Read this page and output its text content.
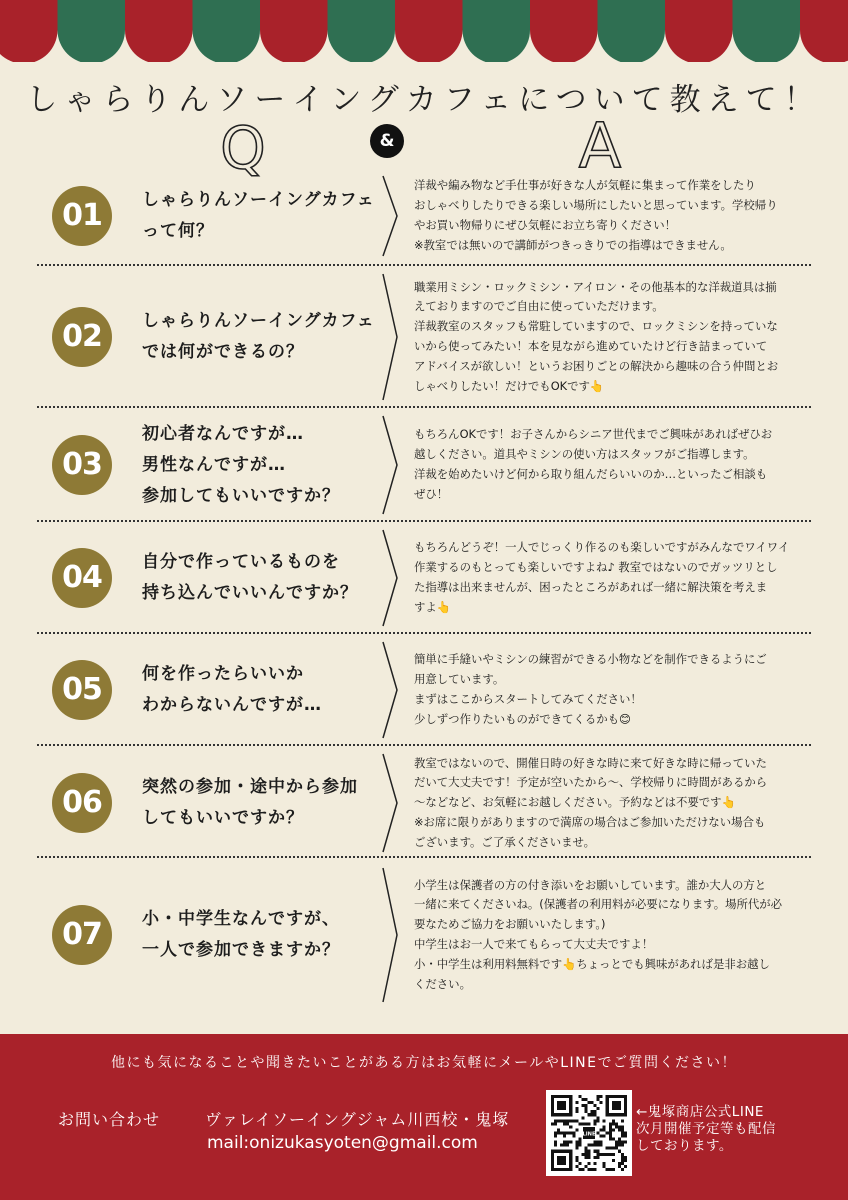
しゃらりんソーイングカフェについて教えて！
Q	&	A
01	しゃらりんソーイングカフェ
って何？
洋裁や編み物など手仕事が好きな人が気軽に集まって作業をしたり
おしゃべりしたりできる楽しい場所にしたいと思っています。学校帰り
やお買い物帰りにぜひ気軽にお立ち寄りください！
※教室では無いので講師がつきっきりでの指導はできません。
02	しゃらりんソーイングカフェ
では何ができるの？
職業用ミシン・ロックミシン・アイロン・その他基本的な洋裁道具は揃
えておりますのでご自由に使っていただけます。
洋裁教室のスタッフも常駐していますので、ロックミシンを持っていな
いから使ってみたい！本を見ながら進めていたけど行き詰まっていて
アドバイスが欲しい！というお困りごとの解決から趣味の合う仲間とお
しゃべりしたい！だけでもOKです👆
03
初心者なんですが…
男性なんですが…
参加してもいいですか？
もちろんOKです！お子さんからシニア世代までご興味があればぜひお
越しください。道具やミシンの使い方はスタッフがご指導します。
洋裁を始めたいけど何から取り組んだらいいのか…といったご相談も
ぜひ！
04	自分で作っているものを
持ち込んでいいんですか？
もちろんどうぞ！一人でじっくり作るのも楽しいですがみんなでワイワイ
作業するのもとっても楽しいですよね♪ 教室ではないのでガッツリとし
た指導は出来ませんが、困ったところがあれば一緒に解決策を考えま
すよ👆
05	何を作ったらいいか
わからないんですが…
簡単に手縫いやミシンの練習ができる小物などを制作できるようにご
用意しています。
まずはここからスタートしてみてください！
少しずつ作りたいものができてくるかも😊
06	突然の参加・途中から参加
してもいいですか？
教室ではないので、開催日時の好きな時に来て好きな時に帰っていた
だいて大丈夫です！予定が空いたから〜、学校帰りに時間があるから
〜などなど、お気軽にお越しください。予約などは不要です👆
※お席に限りがありますので満席の場合はご参加いただけない場合も
ございます。ご了承くださいませ。
07	小・中学生なんですが、
一人で参加できますか？
小学生は保護者の方の付き添いをお願いしています。誰か大人の方と
一緒に来てくださいね。(保護者の利用料が必要になります。場所代が必
要なためご協力をお願いいたします。)
中学生はお一人で来てもらって大丈夫ですよ！
小・中学生は利用料無料です👆ちょっとでも興味があれば是非お越し
ください。
他にも気になることや聞きたいことがある方はお気軽にメールやLINEでご質問ください！
お問い合わせ	ヴァレイソーイングジャム川西校・鬼塚
mail:onizukasyoten@gmail.com	LINE
←鬼塚商店公式LINE
次月開催予定等も配信
しております。
